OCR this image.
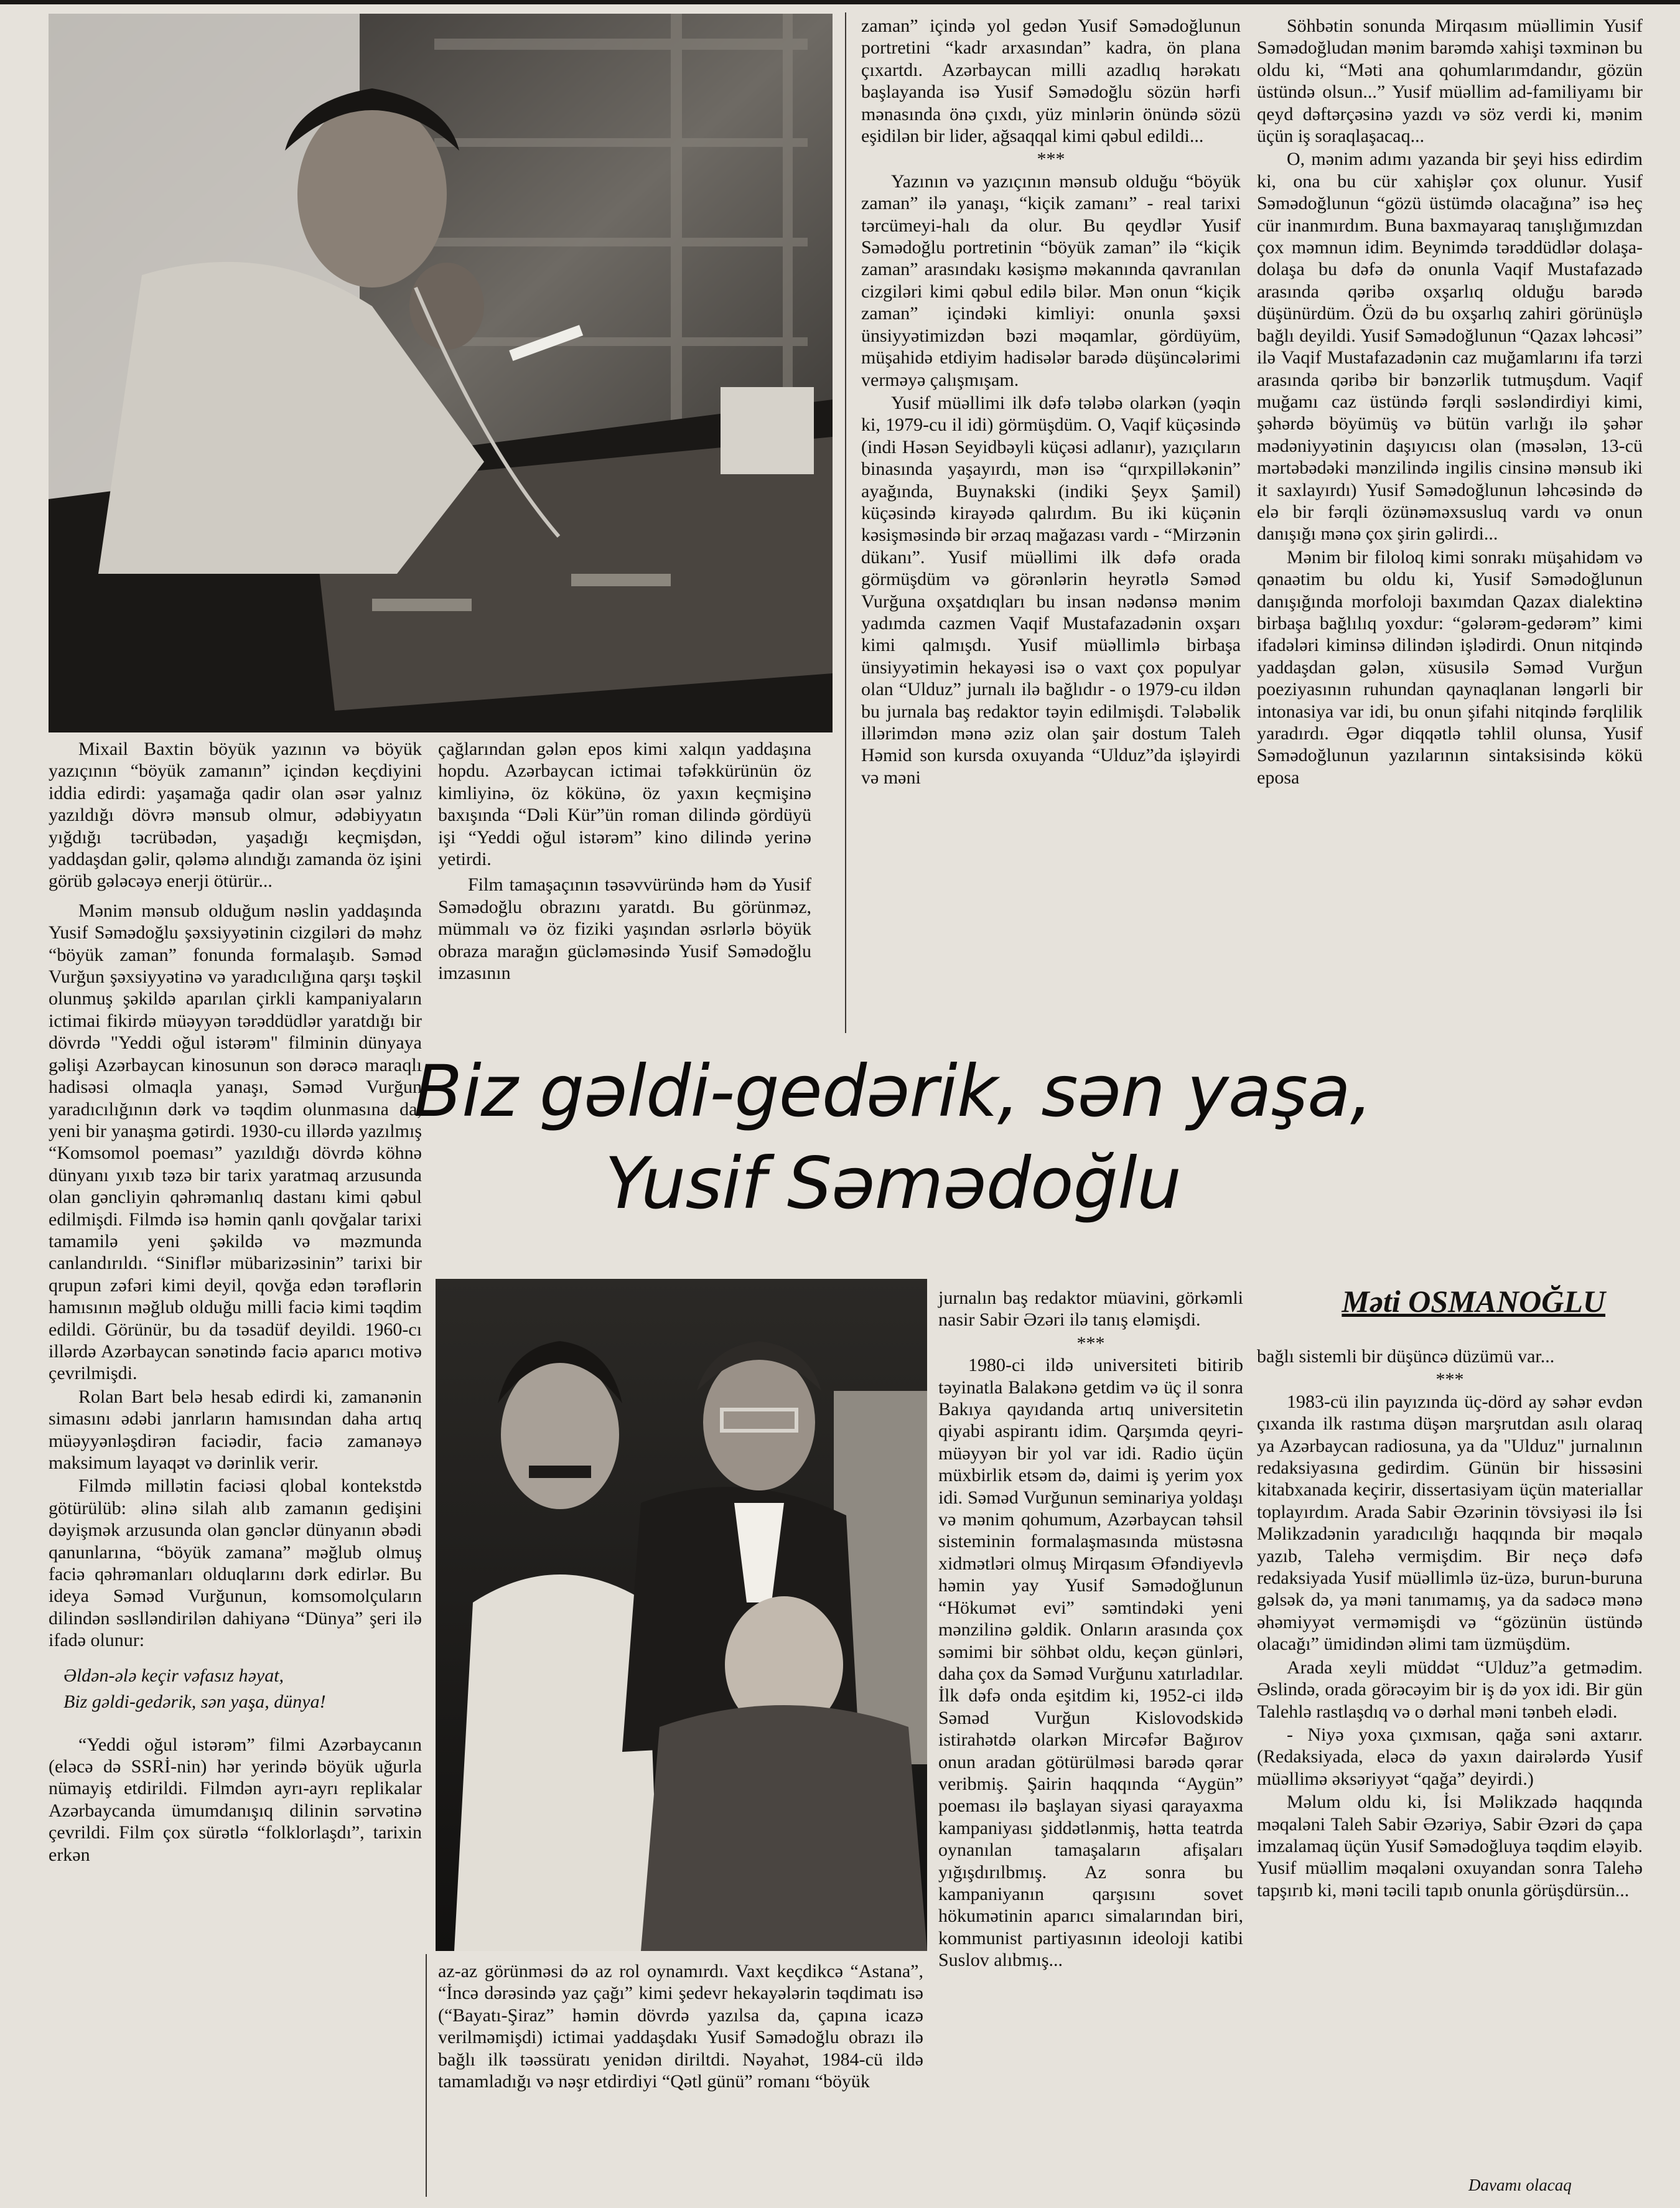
Mixail Baxtin böyük yazının və böyük yazıçının “böyük zamanın” içindən keçdiyini iddia edirdi: yaşamağa qadir olan əsər yalnız yazıldığı dövrə mənsub olmur, ədəbiyyatın yığdığı təcrübədən, yaşadığı keçmişdən, yaddaşdan gəlir, qələmə alındığı zamanda öz işini görüb gələcəyə enerji ötürür...

Mənim mənsub olduğum nəslin yaddaşında Yusif Səmədoğlu şəxsiyyətinin cizgiləri də məhz “böyük zaman” fonunda formalaşıb. Səməd Vurğun şəxsiyyətinə və yaradıcılığına qarşı təşkil olunmuş şəkildə aparılan çirkli kampaniyaların ictimai fikirdə müəyyən tərəddüdlər yaratdığı bir dövrdə "Yeddi oğul istərəm" filminin dünyaya gəlişi Azərbaycan kinosunun son dərəcə maraqlı hadisəsi olmaqla yanaşı, Səməd Vurğun yaradıcılığının dərk və təqdim olunmasına da, yeni bir yanaşma gətirdi. 1930-cu illərdə yazılmış “Komsomol poeması” yazıldığı dövrdə köhnə dünyanı yıxıb təzə bir tarix yaratmaq arzusunda olan gəncliyin qəhrəmanlıq dastanı kimi qəbul edilmişdi. Filmdə isə həmin qanlı qovğalar tarixi tamamilə yeni şəkildə və məzmunda canlandırıldı. “Siniflər mübarizəsinin” tarixi bir qrupun zəfəri kimi deyil, qovğa edən tərəflərin hamısının məğlub olduğu milli faciə kimi təqdim edildi. Görünür, bu da təsadüf deyildi. 1960-cı illərdə Azərbaycan sənətində faciə aparıcı motivə çevrilmişdi.

Rolan Bart belə hesab edirdi ki, zamanənin simasını ədəbi janrların hamısından daha artıq müəyyənləşdirən faciədir, faciə zamanəyə maksimum layaqət və dərinlik verir.

Filmdə millətin faciəsi qlobal kontekstdə götürülüb: əlinə silah alıb zamanın gedişini dəyişmək arzusunda olan gənclər dünyanın əbədi qanunlarına, “böyük zamana” məğlub olmuş faciə qəhrəmanları olduqlarını dərk edirlər. Bu ideya Səməd Vurğunun, komsomolçuların dilindən səslləndirilən dahiyanə “Dünya” şeri ilə ifadə olunur:

Əldən-ələ keçir vəfasız həyat,
Biz gəldi-gedərik, sən yaşa, dünya!

“Yeddi oğul istərəm” filmi Azərbaycanın (eləcə də SSRİ-nin) hər yerində böyük uğurla nümayiş etdirildi. Filmdən ayrı-ayrı replikalar Azərbaycanda ümumdanışıq dilinin sərvətinə çevrildi. Film çox sürətlə “folklorlaşdı”, tarixin erkən

çağlarından gələn epos kimi xalqın yaddaşına hopdu. Azərbaycan ictimai təfəkkürünün öz kimliyinə, öz kökünə, öz yaxın keçmişinə baxışında “Dəli Kür”ün roman dilində gördüyü işi “Yeddi oğul istərəm” kino dilində yerinə yetirdi.

Film tamaşaçının təsəvvüründə həm də Yusif Səmədoğlu obrazını yaratdı. Bu görünməz, mümmalı və öz fiziki yaşından əsrlərlə böyük obraza marağın gücləməsində Yusif Səmədoğlu imzasının

zaman” içində yol gedən Yusif Səmədoğlunun portretini “kadr arxasından” kadra, ön plana çıxartdı. Azərbaycan milli azadlıq hərəkatı başlayanda isə Yusif Səmədoğlu sözün hərfi mənasında önə çıxdı, yüz minlərin önündə sözü eşidilən bir lider, ağsaqqal kimi qəbul edildi...

***

Yazının və yazıçının mənsub olduğu “böyük zaman” ilə yanaşı, “kiçik zamanı” - real tarixi tərcümeyi-halı da olur. Bu qeydlər Yusif Səmədoğlu portretinin “böyük zaman” ilə “kiçik zaman” arasındakı kəsişmə məkanında qavranılan cizgiləri kimi qəbul edilə bilər. Mən onun “kiçik zaman” içindəki kimliyi: onunla şəxsi ünsiyyətimizdən bəzi məqamlar, gördüyüm, müşahidə etdiyim hadisələr barədə düşüncələrimi verməyə çalışmışam.

Yusif müəllimi ilk dəfə tələbə olarkən (yəqin ki, 1979-cu il idi) görmüşdüm. O, Vaqif küçəsində (indi Həsən Seyidbəyli küçəsi adlanır), yazıçıların binasında yaşayırdı, mən isə “qırxpilləkənin” ayağında, Buynakski (indiki Şeyx Şamil) küçəsində kirayədə qalırdım. Bu iki küçənin kəsişməsində bir ərzaq mağazası vardı - “Mirzənin dükanı”. Yusif müəllimi ilk dəfə orada görmüşdüm və görənlərin heyrətlə Səməd Vurğuna oxşatdıqları bu insan nədənsə mənim yadımda cazmen Vaqif Mustafazadənin oxşarı kimi qalmışdı. Yusif müəllimlə birbaşa ünsiyyətimin hekayəsi isə o vaxt çox populyar olan “Ulduz” jurnalı ilə bağlıdır - o 1979-cu ildən bu jurnala baş redaktor təyin edilmişdi. Tələbəlik illərimdən mənə əziz olan şair dostum Taleh Həmid son kursda oxuyanda “Ulduz”da işləyirdi və məni

Söhbətin sonunda Mirqasım müəllimin Yusif Səmədoğludan mənim barəmdə xahişi təxminən bu oldu ki, “Məti ana qohumlarımdandır, gözün üstündə olsun...” Yusif müəllim ad-familiyamı bir qeyd dəftərçəsinə yazdı və söz verdi ki, mənim üçün iş soraqlaşacaq...

O, mənim adımı yazanda bir şeyi hiss edirdim ki, ona bu cür xahişlər çox olunur. Yusif Səmədoğlunun “gözü üstümdə olacağına” isə heç cür inanmırdım. Buna baxmayaraq tanışlığımızdan çox məmnun idim. Beynimdə tərəddüdlər dolaşa-dolaşa bu dəfə də onunla Vaqif Mustafazadə arasında qəribə oxşarlıq olduğu barədə düşünürdüm. Özü də bu oxşarlıq zahiri görünüşlə bağlı deyildi. Yusif Səmədoğlunun “Qazax ləhcəsi” ilə Vaqif Mustafazadənin caz muğamlarını ifa tərzi arasında qəribə bir bənzərlik tutmuşdum. Vaqif muğamı caz üstündə fərqli səsləndirdiyi kimi, şəhərdə böyümüş və bütün varlığı ilə şəhər mədəniyyətinin daşıyıcısı olan (məsələn, 13-cü mərtəbədəki mənzilində ingilis cinsinə mənsub iki it saxlayırdı) Yusif Səmədoğlunun ləhcəsində də elə bir fərqli özünəməxsusluq vardı və onun danışığı mənə çox şirin gəlirdi...

Mənim bir filoloq kimi sonrakı müşahidəm və qənaətim bu oldu ki, Yusif Səmədoğlunun danışığında morfoloji baxımdan Qazax dialektinə birbaşa bağlılıq yoxdur: “gələrəm-gedərəm” kimi ifadələri kiminsə dilindən işlədirdi. Onun nitqində yaddaşdan gələn, xüsusilə Səməd Vurğun poeziyasının ruhundan qaynaqlanan ləngərli bir intonasiya var idi, bu onun şifahi nitqində fərqlilik yaradırdı. Əgər diqqətlə təhlil olunsa, Yusif Səmədoğlunun yazılarının sintaksisində kökü eposa

Biz gəldi-gedərik, sən yaşa,
Yusif Səmədoğlu
Məti OSMANOĞLU

az-az görünməsi də az rol oynamırdı. Vaxt keçdikcə “Astana”, “İncə dərəsində yaz çağı” kimi şedevr hekayələrin təqdimatı isə (“Bayatı-Şiraz” həmin dövrdə yazılsa da, çapına icazə verilməmişdi) ictimai yaddaşdakı Yusif Səmədoğlu obrazı ilə bağlı ilk təəssüratı yenidən diriltdi. Nəyahət, 1984-cü ildə tamamladığı və nəşr etdirdiyi “Qətl günü” romanı “böyük

jurnalın baş redaktor müavini, görkəmli nasir Sabir Əzəri ilə tanış eləmişdi.

***

1980-ci ildə universiteti bitirib təyinatla Balakənə getdim və üç il sonra Bakıya qayıdanda artıq universitetin qiyabi aspirantı idim. Qarşımda qeyri-müəyyən bir yol var idi. Radio üçün müxbirlik etsəm də, daimi iş yerim yox idi. Səməd Vurğunun seminariya yoldaşı və mənim qohumum, Azərbaycan təhsil sisteminin formalaşmasında müstəsna xidmətləri olmuş Mirqasım Əfəndiyevlə həmin yay Yusif Səmədoğlunun “Hökumət evi” səmtindəki yeni mənzilinə gəldik. Onların arasında çox səmimi bir söhbət oldu, keçən günləri, daha çox da Səməd Vurğunu xatırladılar. İlk dəfə onda eşitdim ki, 1952-ci ildə Səməd Vurğun Kislovodskidə istirahətdə olarkən Mircəfər Bağırov onun aradan götürülməsi barədə qərar veribmiş. Şairin haqqında “Aygün” poeması ilə başlayan siyasi qarayaxma kampaniyası şiddətlənmiş, hətta teatrda oynanılan tamaşaların afişaları yığışdırılbmış. Az sonra bu kampaniyanın qarşısını sovet hökumətinin aparıcı simalarından biri, kommunist partiyasının ideoloji katibi Suslov alıbmış...

bağlı sistemli bir düşüncə düzümü var...

***

1983-cü ilin payızında üç-dörd ay səhər evdən çıxanda ilk rastıma düşən marşrutdan asılı olaraq ya Azərbaycan radiosuna, ya da "Ulduz" jurnalının redaksiyasına gedirdim. Günün bir hissəsini kitabxanada keçirir, dissertasiyam üçün materiallar toplayırdım. Arada Sabir Əzərinin tövsiyəsi ilə İsi Məlikzadənin yaradıcılığı haqqında bir məqalə yazıb, Talehə vermişdim. Bir neçə dəfə redaksiyada Yusif müəllimlə üz-üzə, burun-buruna gəlsək də, ya məni tanımamış, ya da sadəcə mənə əhəmiyyət verməmişdi və “gözünün üstündə olacağı” ümidindən əlimi tam üzmüşdüm.

Arada xeyli müddət “Ulduz”a getmədim. Əslində, orada görəcəyim bir iş də yox idi. Bir gün Talehlə rastlaşdıq və o dərhal məni tənbeh elədi.

- Niyə yoxa çıxmısan, qağa səni axtarır. (Redaksiyada, eləcə də yaxın dairələrdə Yusif müəllimə əksəriyyət “qağa” deyirdi.)

Məlum oldu ki, İsi Məlikzadə haqqında məqaləni Taleh Sabir Əzəriyə, Sabir Əzəri də çapa imzalamaq üçün Yusif Səmədoğluya təqdim eləyib. Yusif müəllim məqaləni oxuyandan sonra Talehə tapşırıb ki, məni təcili tapıb onunla görüşdürsün...

Davamı olacaq
